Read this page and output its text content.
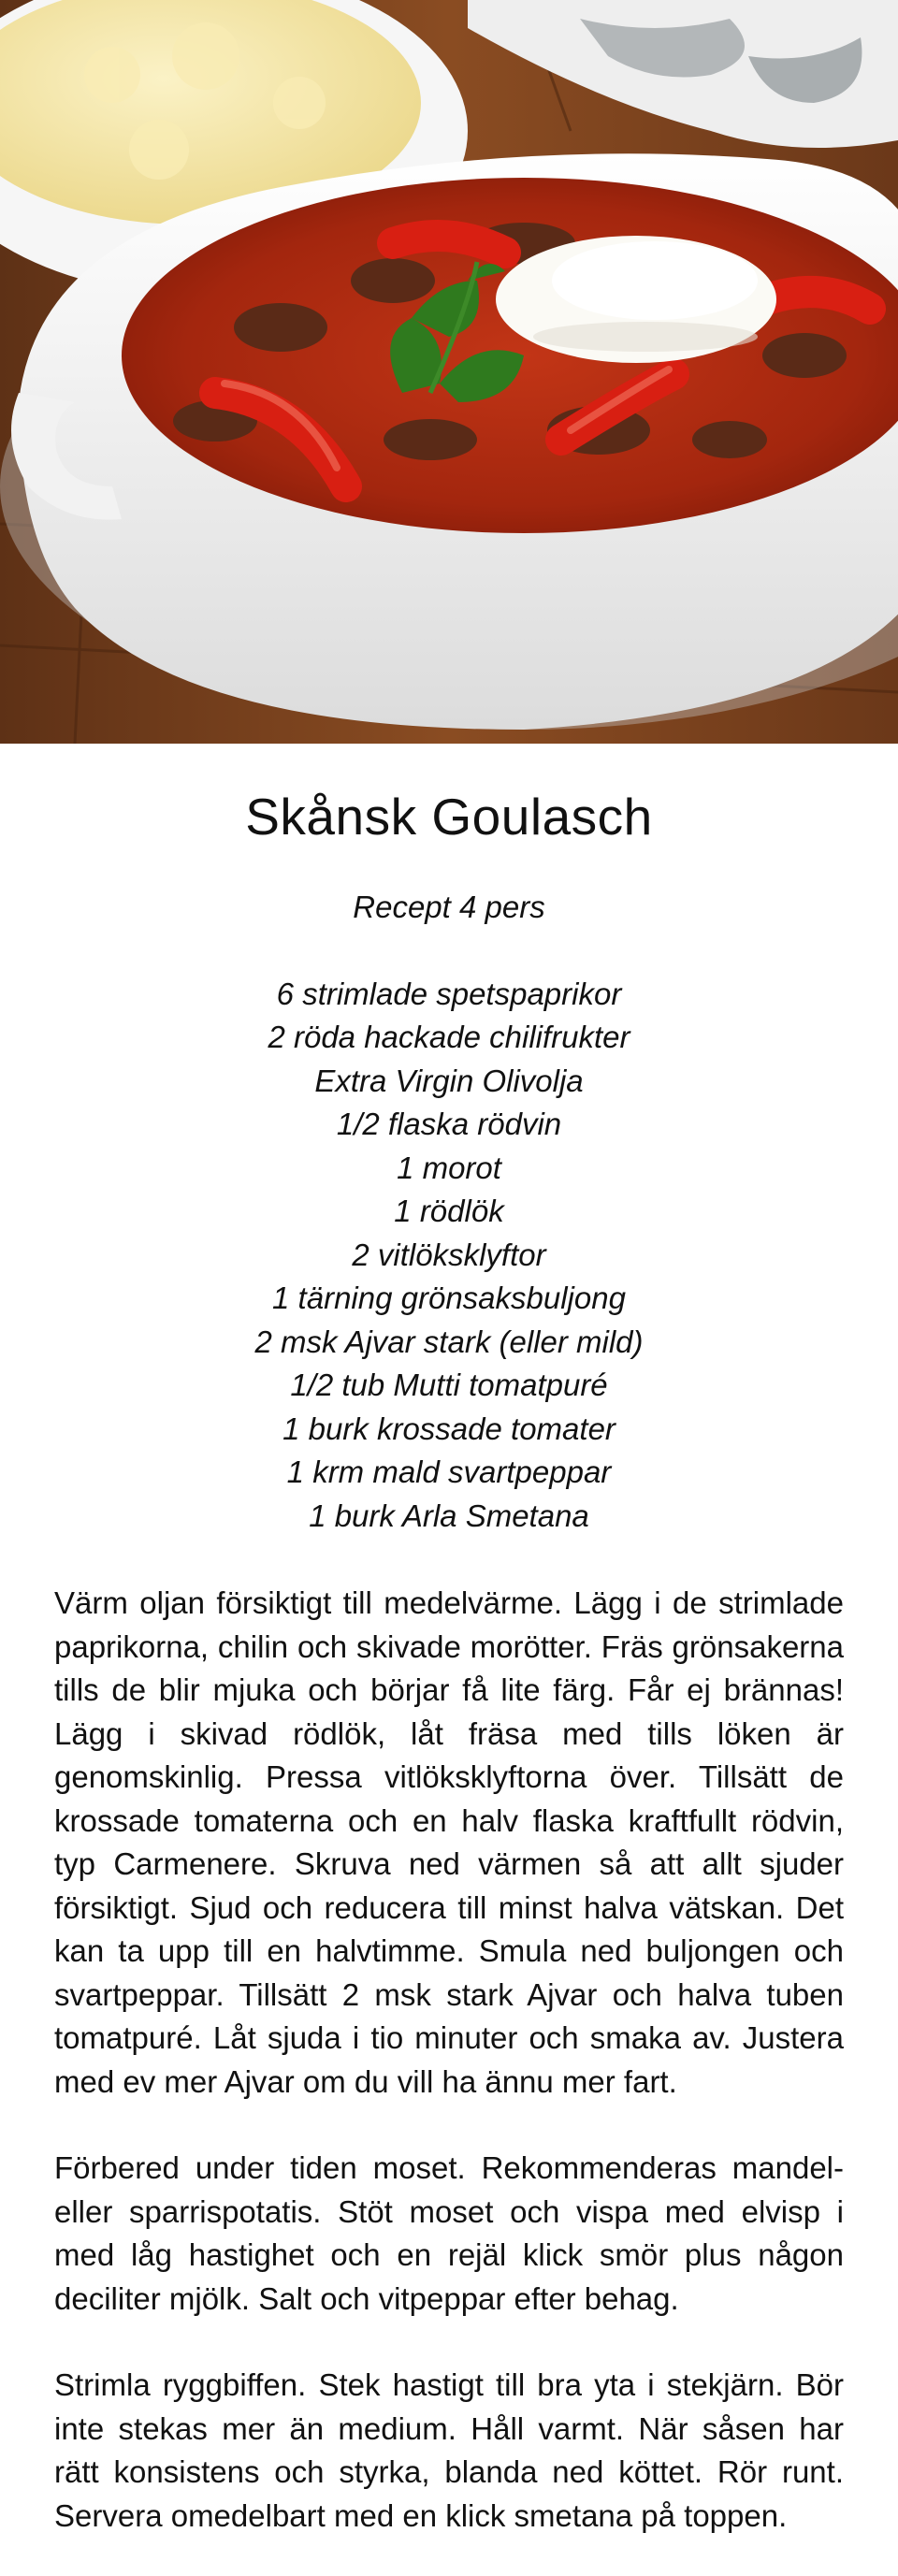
Skånsk Goulasch

Recept 4 pers

6 strimlade spetspaprikor
2 röda hackade chilifrukter
Extra Virgin Olivolja
1/2 flaska rödvin
1 morot
1 rödlök
2 vitlöksklyftor
1 tärning grönsaksbuljong
2 msk Ajvar stark (eller mild)
1/2 tub Mutti tomatpuré
1 burk krossade tomater
1 krm mald svartpeppar
1 burk Arla Smetana

Värm oljan försiktigt till medelvärme. Lägg i de strimlade paprikorna, chilin och skivade morötter. Fräs grönsakerna tills de blir mjuka och börjar få lite färg. Får ej brännas! Lägg i skivad rödlök, låt fräsa med tills löken är genomskinlig. Pressa vitlöksklyftorna över. Tillsätt de krossade tomaterna och en halv flaska kraftfullt rödvin, typ Carmenere. Skruva ned värmen så att allt sjuder försiktigt. Sjud och reducera till minst halva vätskan. Det kan ta upp till en halvtimme. Smula ned buljongen och svartpeppar. Tillsätt 2 msk stark Ajvar och halva tuben tomatpuré. Låt sjuda i tio minuter och smaka av. Justera med ev mer Ajvar om du vill ha ännu mer fart.

Förbered under tiden moset. Rekommenderas mandel- eller sparrispotatis. Stöt moset och vispa med elvisp i med låg hastighet och en rejäl klick smör plus någon deciliter mjölk. Salt och vitpeppar efter behag.

Strimla ryggbiffen. Stek hastigt till bra yta i stekjärn. Bör inte stekas mer än medium. Håll varmt. När såsen har rätt konsistens och styrka, blanda ned köttet. Rör runt. Servera omedelbart med en klick smetana på toppen.
